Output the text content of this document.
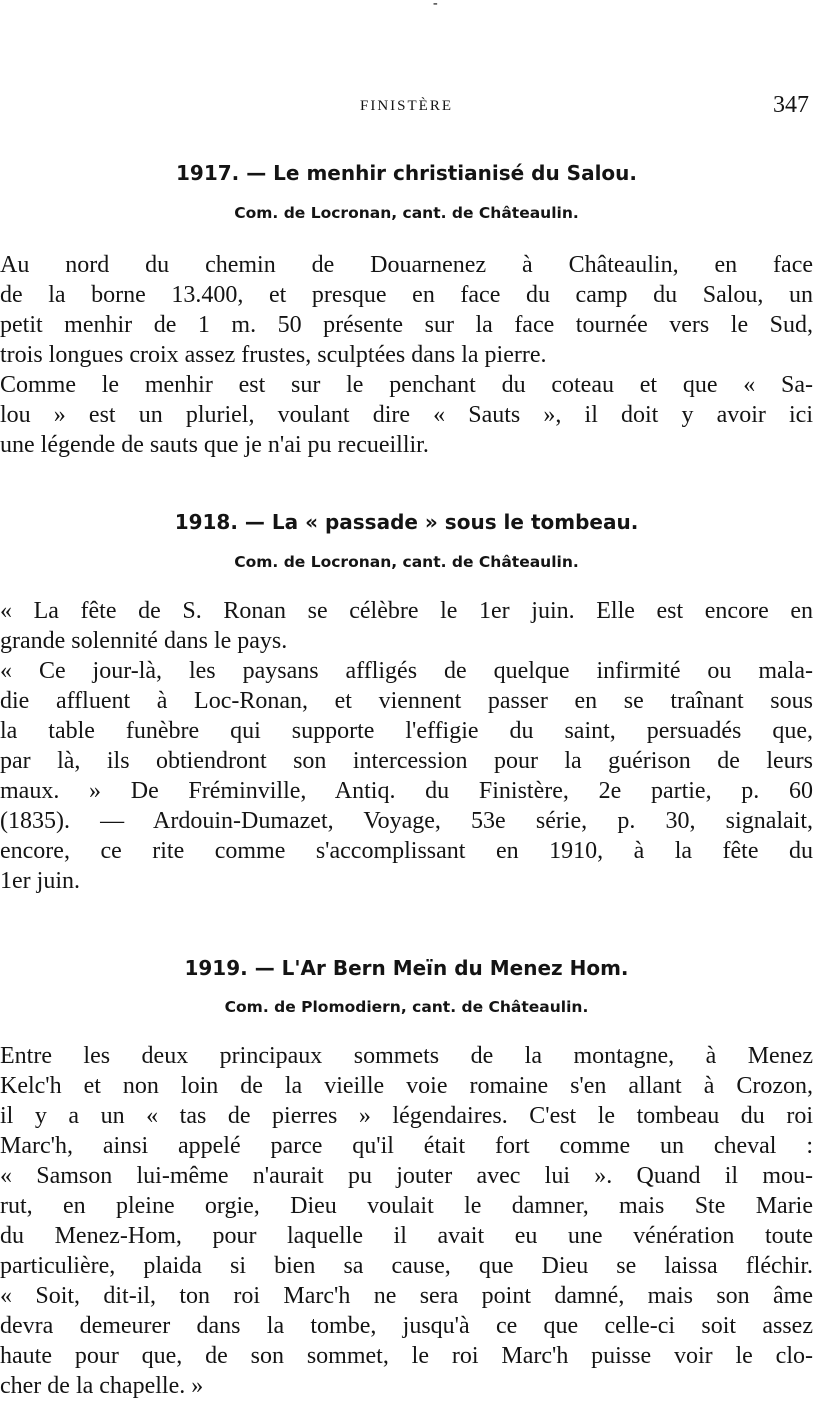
-
FINISTÈRE	347
1917. — Le menhir christianisé du Salou.
Com. de Locronan, cant. de Châteaulin.
Au nord du chemin de Douarnenez à Châteaulin, en face
de la borne 13.400, et presque en face du camp du Salou, un
petit menhir de 1 m. 50 présente sur la face tournée vers le Sud,
trois longues croix assez frustes, sculptées dans la pierre.
Comme le menhir est sur le penchant du coteau et que « Sa-
lou » est un pluriel, voulant dire « Sauts », il doit y avoir ici
une légende de sauts que je n'ai pu recueillir.
1918. — La « passade » sous le tombeau.
Com. de Locronan, cant. de Châteaulin.
« La fête de S. Ronan se célèbre le 1er juin. Elle est encore en
grande solennité dans le pays.
« Ce jour-là, les paysans affligés de quelque infirmité ou mala-
die affluent à Loc-Ronan, et viennent passer en se traînant sous
la table funèbre qui supporte l'effigie du saint, persuadés que,
par là, ils obtiendront son intercession pour la guérison de leurs
maux. » De Fréminville, Antiq. du Finistère, 2e partie, p. 60
(1835). — Ardouin-Dumazet, Voyage, 53e série, p. 30, signalait,
encore, ce rite comme s'accomplissant en 1910, à la fête du
1er juin.
1919. — L'Ar Bern Meïn du Menez Hom.
Com. de Plomodiern, cant. de Châteaulin.
Entre les deux principaux sommets de la montagne, à Menez
Kelc'h et non loin de la vieille voie romaine s'en allant à Crozon,
il y a un « tas de pierres » légendaires. C'est le tombeau du roi
Marc'h, ainsi appelé parce qu'il était fort comme un cheval :
« Samson lui-même n'aurait pu jouter avec lui ». Quand il mou-
rut, en pleine orgie, Dieu voulait le damner, mais Ste Marie
du Menez-Hom, pour laquelle il avait eu une vénération toute
particulière, plaida si bien sa cause, que Dieu se laissa fléchir.
« Soit, dit-il, ton roi Marc'h ne sera point damné, mais son âme
devra demeurer dans la tombe, jusqu'à ce que celle-ci soit assez
haute pour que, de son sommet, le roi Marc'h puisse voir le clo-
cher de la chapelle. »
